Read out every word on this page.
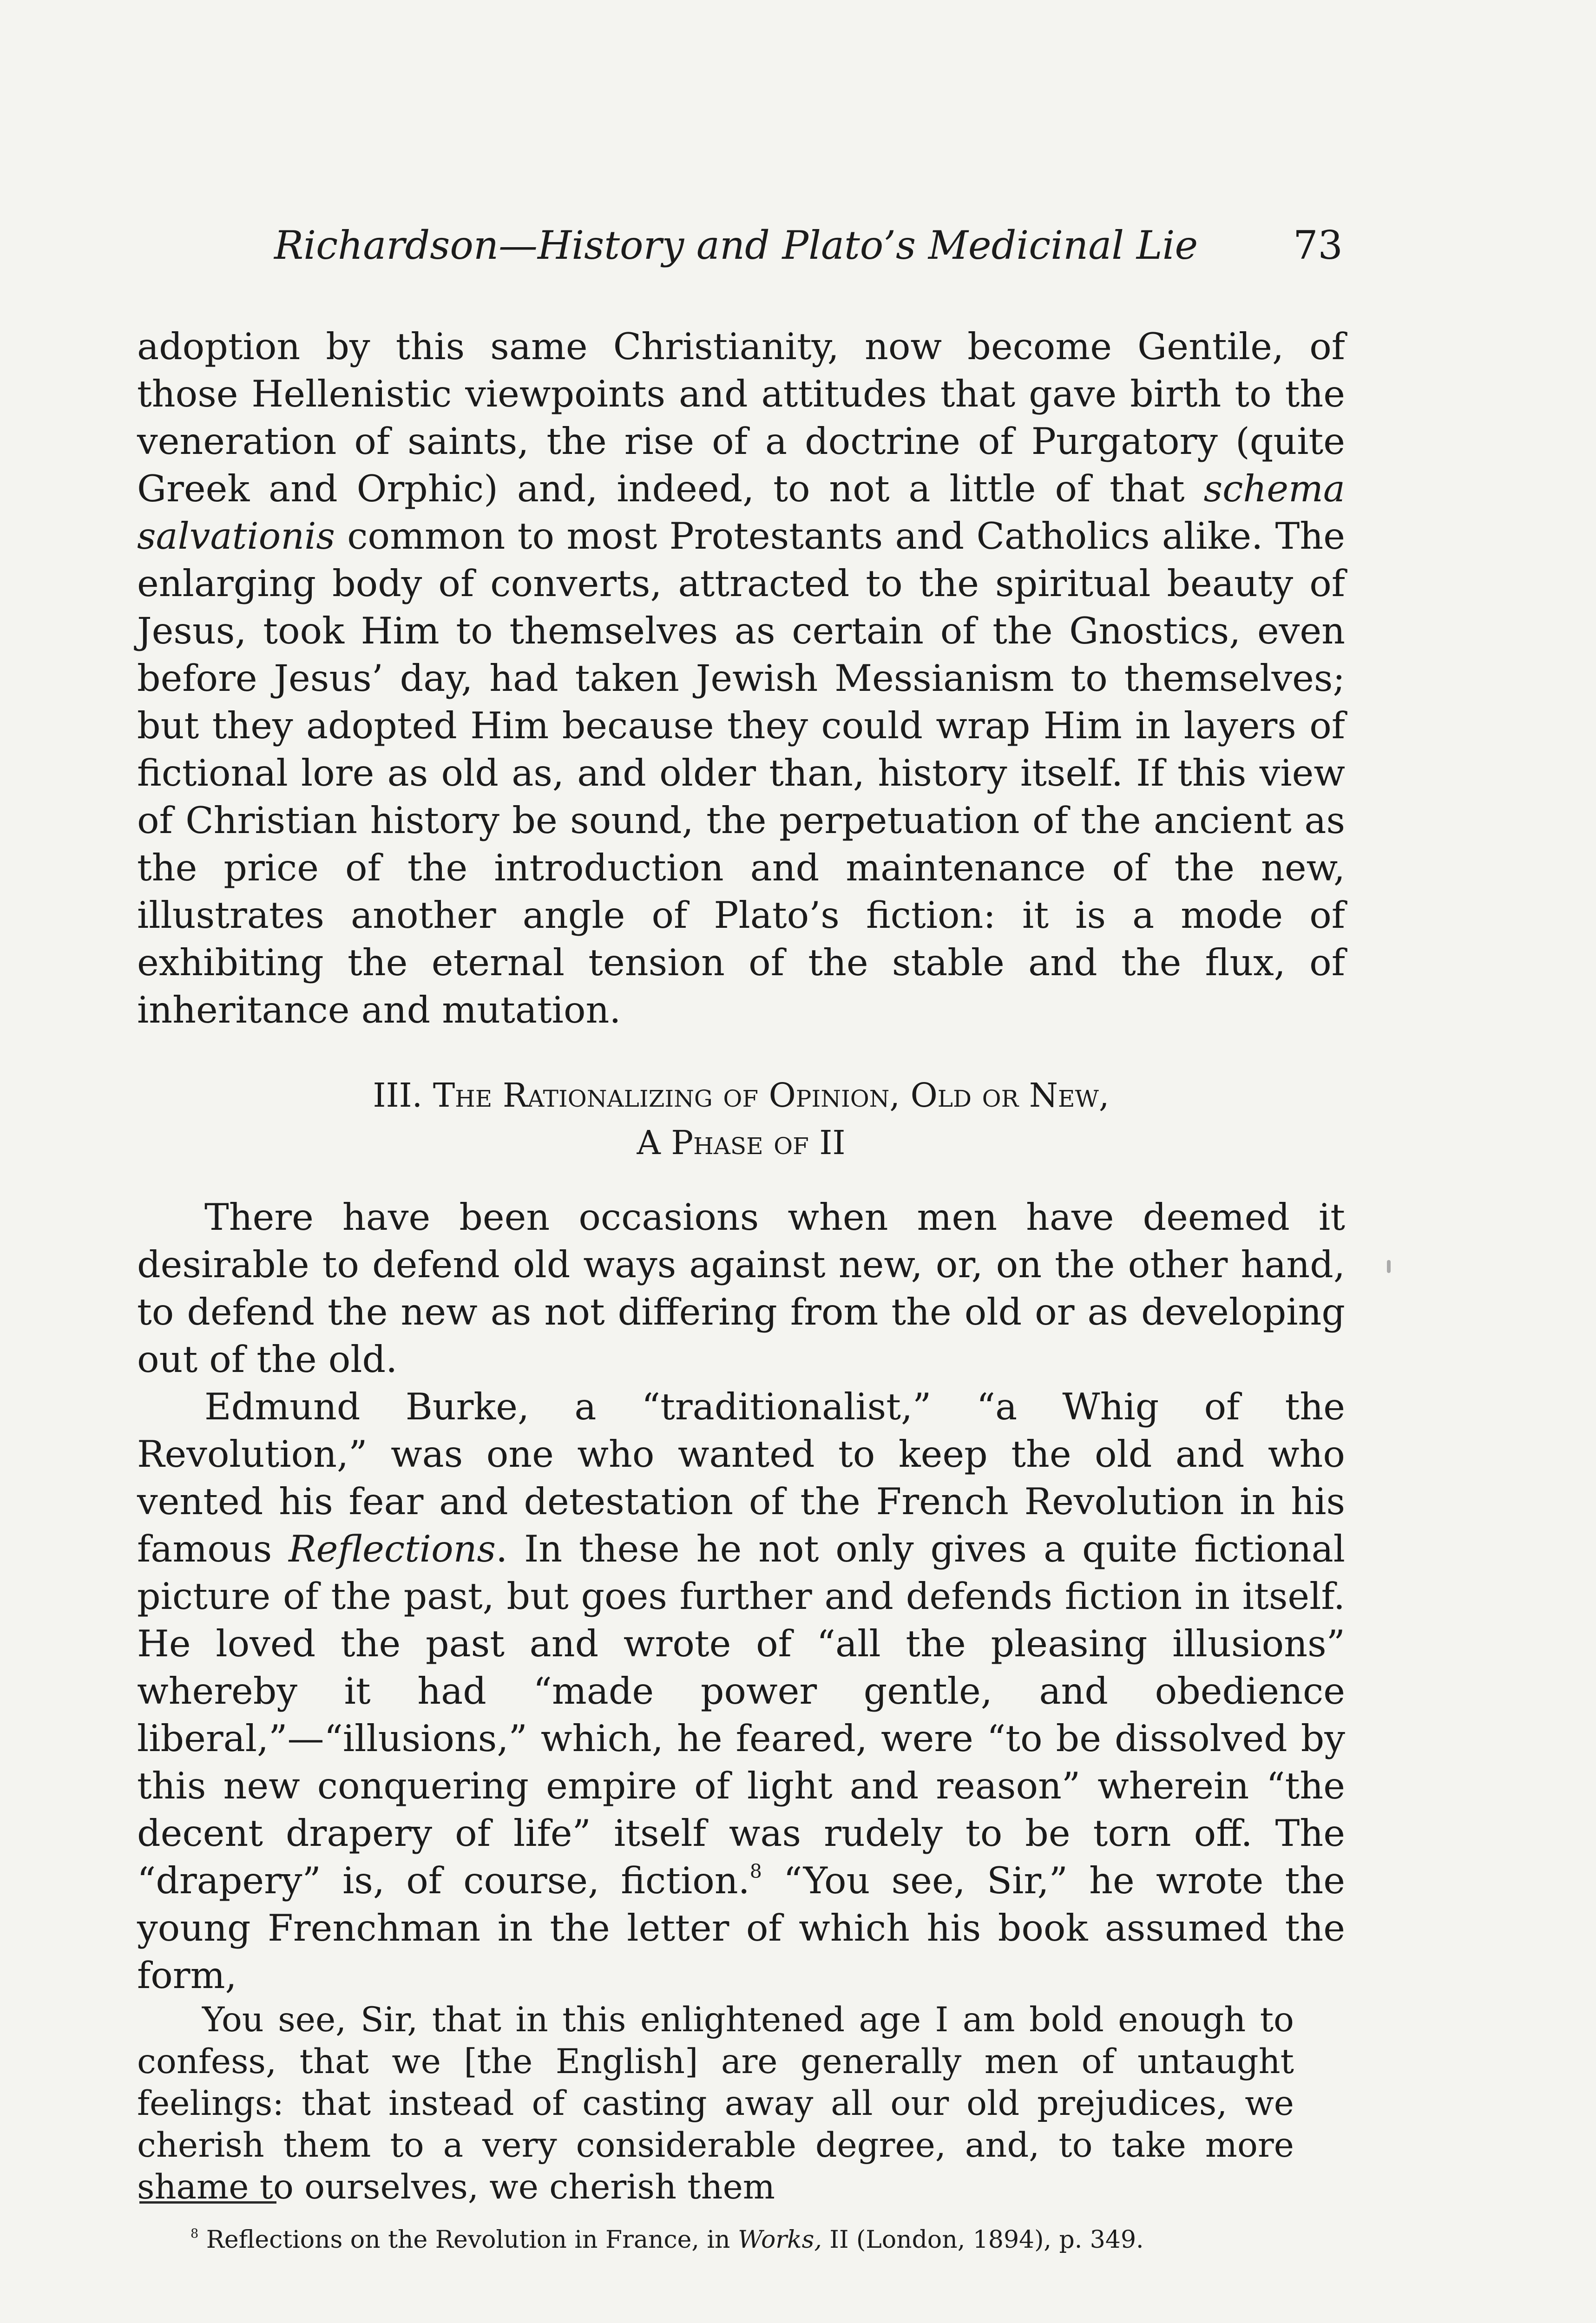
Richardson—History and Plato’s Medicinal Lie 73

adoption by this same Christianity, now become Gentile, of those Hellenistic viewpoints and attitudes that gave birth to the veneration of saints, the rise of a doctrine of Purgatory (quite Greek and Orphic) and, indeed, to not a little of that schema salvationis common to most Protestants and Catholics alike. The enlarging body of converts, attracted to the spiritual beauty of Jesus, took Him to themselves as certain of the Gnostics, even before Jesus’ day, had taken Jewish Messianism to themselves; but they adopted Him because they could wrap Him in layers of fictional lore as old as, and older than, history itself. If this view of Christian history be sound, the perpetuation of the ancient as the price of the introduction and maintenance of the new, illustrates another angle of Plato’s fiction: it is a mode of exhibiting the eternal tension of the stable and the flux, of inheritance and mutation.

III. The Rationalizing of Opinion, Old or New,
A Phase of II

There have been occasions when men have deemed it desirable to defend old ways against new, or, on the other hand, to defend the new as not differing from the old or as developing out of the old.

Edmund Burke, a “traditionalist,” “a Whig of the Revolution,” was one who wanted to keep the old and who vented his fear and detestation of the French Revolution in his famous Reflections. In these he not only gives a quite fictional picture of the past, but goes further and defends fiction in itself. He loved the past and wrote of “all the pleasing illusions” whereby it had “made power gentle, and obedience liberal,”—“illusions,” which, he feared, were “to be dissolved by this new conquering empire of light and reason” wherein “the decent drapery of life” itself was rudely to be torn off. The “drapery” is, of course, fiction.$^8$ “You see, Sir,” he wrote the young Frenchman in the letter of which his book assumed the form,

You see, Sir, that in this enlightened age I am bold enough to confess, that we [the English] are generally men of untaught feelings: that instead of casting away all our old prejudices, we cherish them to a very considerable degree, and, to take more shame to ourselves, we cherish them

$^8$ Reflections on the Revolution in France, in Works, II (London, 1894), p. 349.
